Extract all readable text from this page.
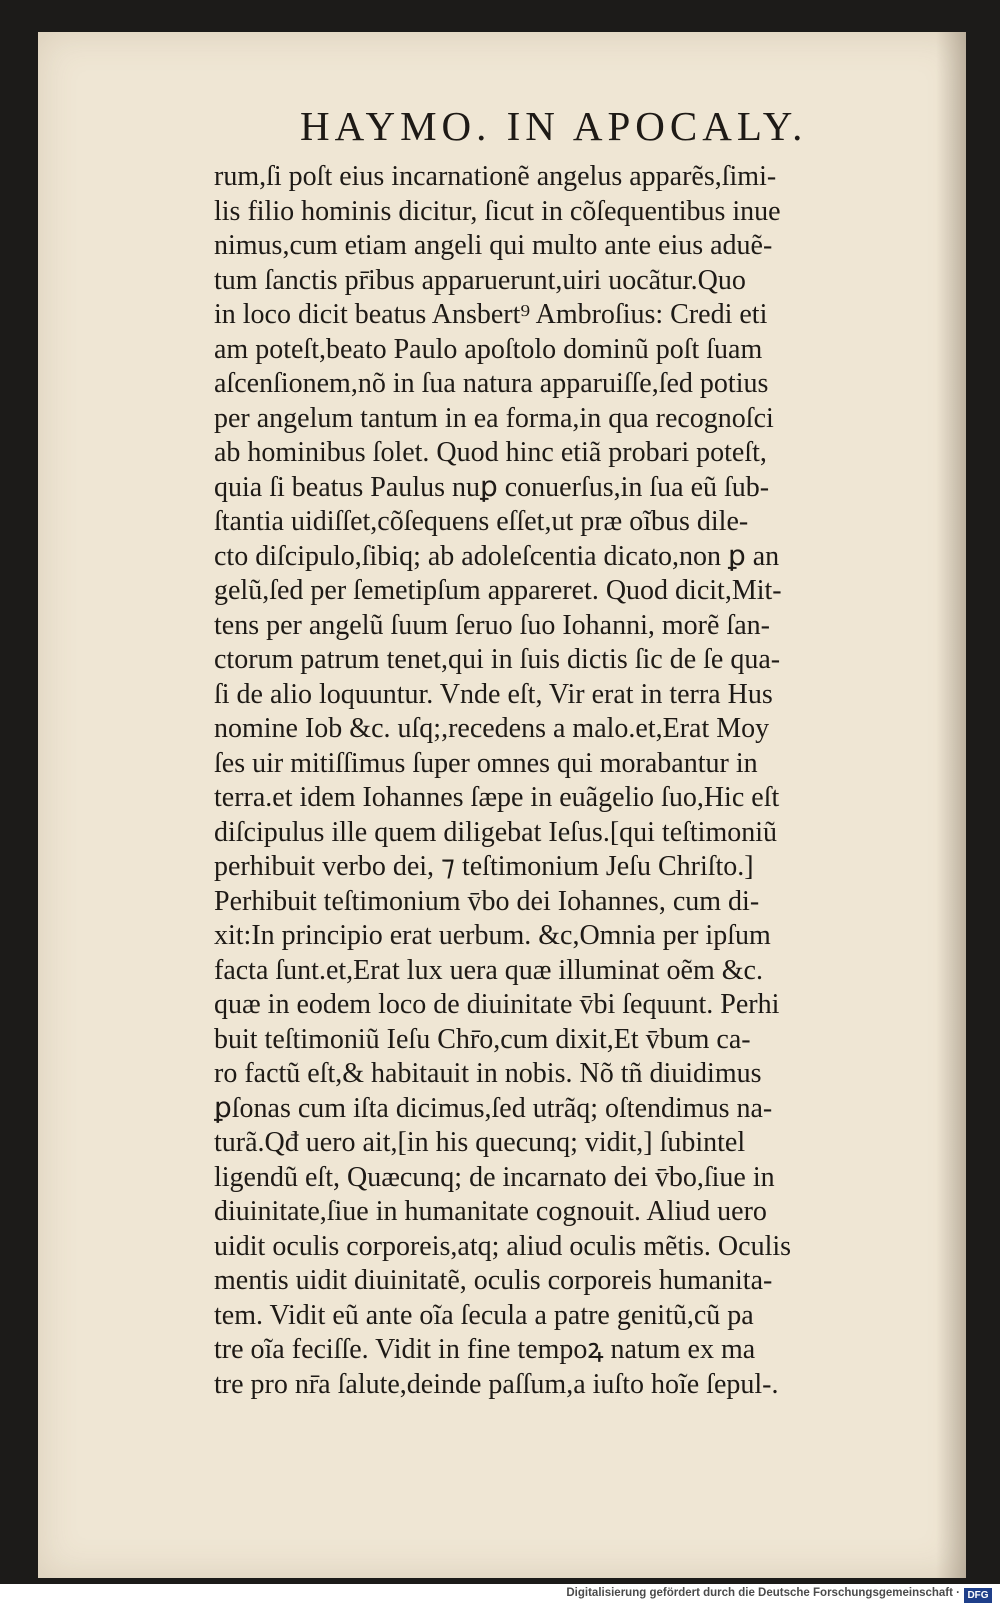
HAYMO. IN APOCALY.
rum,ſi poſt eius incarnationẽ angelus apparẽs,ſimi-
lis filio hominis dicitur, ſicut in cõſequentibus inue
nimus,cum etiam angeli qui multo ante eius aduẽ-
tum ſanctis pr̄ibus apparuerunt,uiri uocãtur.Quo
in loco dicit beatus Ansbert⁹ Ambroſius: Credi eti
am poteſt,beato Paulo apoſtolo dominũ poſt ſuam
aſcenſionem,nõ in ſua natura apparuiſſe,ſed potius
per angelum tantum in ea forma,in qua recognoſci
ab hominibus ſolet. Quod hinc etiã probari poteſt,
quia ſi beatus Paulus nuꝑ conuerſus,in ſua eũ ſub-
ſtantia uidiſſet,cõſequens eſſet,ut præ oĩbus dile-
cto diſcipulo,ſibiq; ab adoleſcentia dicato,non ꝑ an
gelũ,ſed per ſemetipſum appareret. Quod dicit,Mit-
tens per angelũ ſuum ſeruo ſuo Iohanni, morẽ ſan-
ctorum patrum tenet,qui in ſuis dictis ſic de ſe qua-
ſi de alio loquuntur. Vnde eſt, Vir erat in terra Hus
nomine Iob &c. uſq;,recedens a malo.et,Erat Moy
ſes uir mitiſſimus ſuper omnes qui morabantur in
terra.et idem Iohannes ſæpe in euãgelio ſuo,Hic eſt
diſcipulus ille quem diligebat Ieſus.[qui teſtimoniũ
perhibuit verbo dei, ⁊ teſtimonium Jeſu Chriſto.]
Perhibuit teſtimonium v̄bo dei Iohannes, cum di-
xit:In principio erat uerbum. &c,Omnia per ipſum
facta ſunt.et,Erat lux uera quæ illuminat oẽm &c.
quæ in eodem loco de diuinitate v̄bi ſequunt. Perhi
buit teſtimoniũ Ieſu Chr̄o,cum dixit,Et v̄bum ca-
ro factũ eſt,& habitauit in nobis. Nõ tñ diuidimus
ꝑſonas cum iſta dicimus,ſed utrãq; oſtendimus na-
turã.Qđ uero ait,[in his quecunq; vidit,] ſubintel
ligendũ eſt, Quæcunq; de incarnato dei v̄bo,ſiue in
diuinitate,ſiue in humanitate cognouit. Aliud uero
uidit oculis corporeis,atq; aliud oculis mẽtis. Oculis
mentis uidit diuinitatẽ, oculis corporeis humanita-
tem. Vidit eũ ante oĩa ſecula a patre genitũ,cũ pa
tre oĩa feciſſe. Vidit in fine tempoꝝ natum ex ma
tre pro nr̄a ſalute,deinde paſſum,a iuſto hoĩe ſepul-.
Digitalisierung gefördert durch die Deutsche Forschungsgemeinschaft · DFG
